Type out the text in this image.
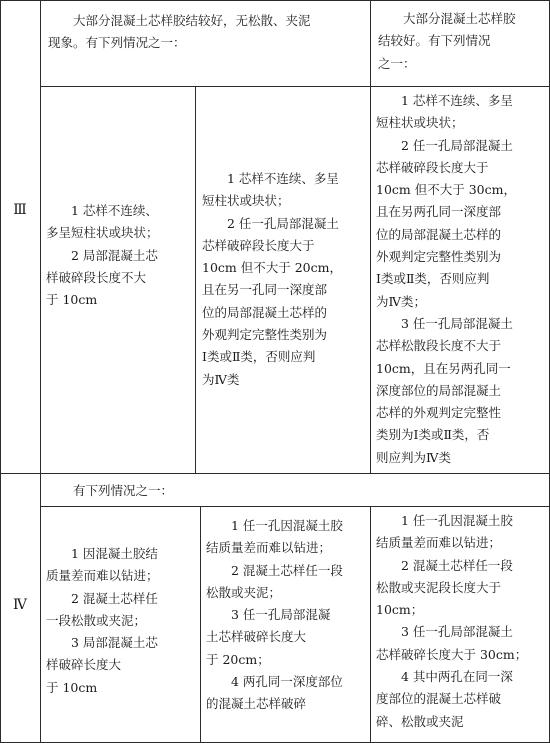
Ⅲ

大部分混凝土芯样胶结较好，无松散、夹泥
现象。有下列情况之一：

大部分混凝土芯样胶
结较好。有下列情况
之一：

1 芯样不连续、
多呈短柱状或块状；

2 局部混凝土芯
样破碎段长度不大
于 10cm

1 芯样不连续、多呈
短柱状或块状；

2 任一孔局部混凝土
芯样破碎段长度大于
10cm 但不大于 20cm，
且在另一孔同一深度部
位的局部混凝土芯样的
外观判定完整性类别为
Ⅰ类或Ⅱ类，否则应判
为Ⅳ类

1 芯样不连续、多呈
短柱状或块状；

2 任一孔局部混凝土
芯样破碎段长度大于
10cm 但不大于 30cm，
且在另两孔同一深度部
位的局部混凝土芯样的
外观判定完整性类别为
Ⅰ类或Ⅱ类，否则应判
为Ⅳ类；

3 任一孔局部混凝土
芯样松散段长度不大于
10cm，且在另两孔同一
深度部位的局部混凝土
芯样的外观判定完整性
类别为Ⅰ类或Ⅱ类，否
则应判为Ⅳ类

Ⅳ

有下列情况之一：

1 因混凝土胶结
质量差而难以钻进；

2 混凝土芯样任
一段松散或夹泥；

3 局部混凝土芯
样破碎长度大
于 10cm

1 任一孔因混凝土胶
结质量差而难以钻进；

2 混凝土芯样任一段
松散或夹泥；

3 任一孔局部混凝
土芯样破碎长度大
于 20cm；

4 两孔同一深度部位
的混凝土芯样破碎

1 任一孔因混凝土胶
结质量差而难以钻进；

2 混凝土芯样任一段
松散或夹泥段长度大于
10cm；

3 任一孔局部混凝土
芯样破碎长度大于 30cm；

4 其中两孔在同一深
度部位的混凝土芯样破
碎、松散或夹泥
